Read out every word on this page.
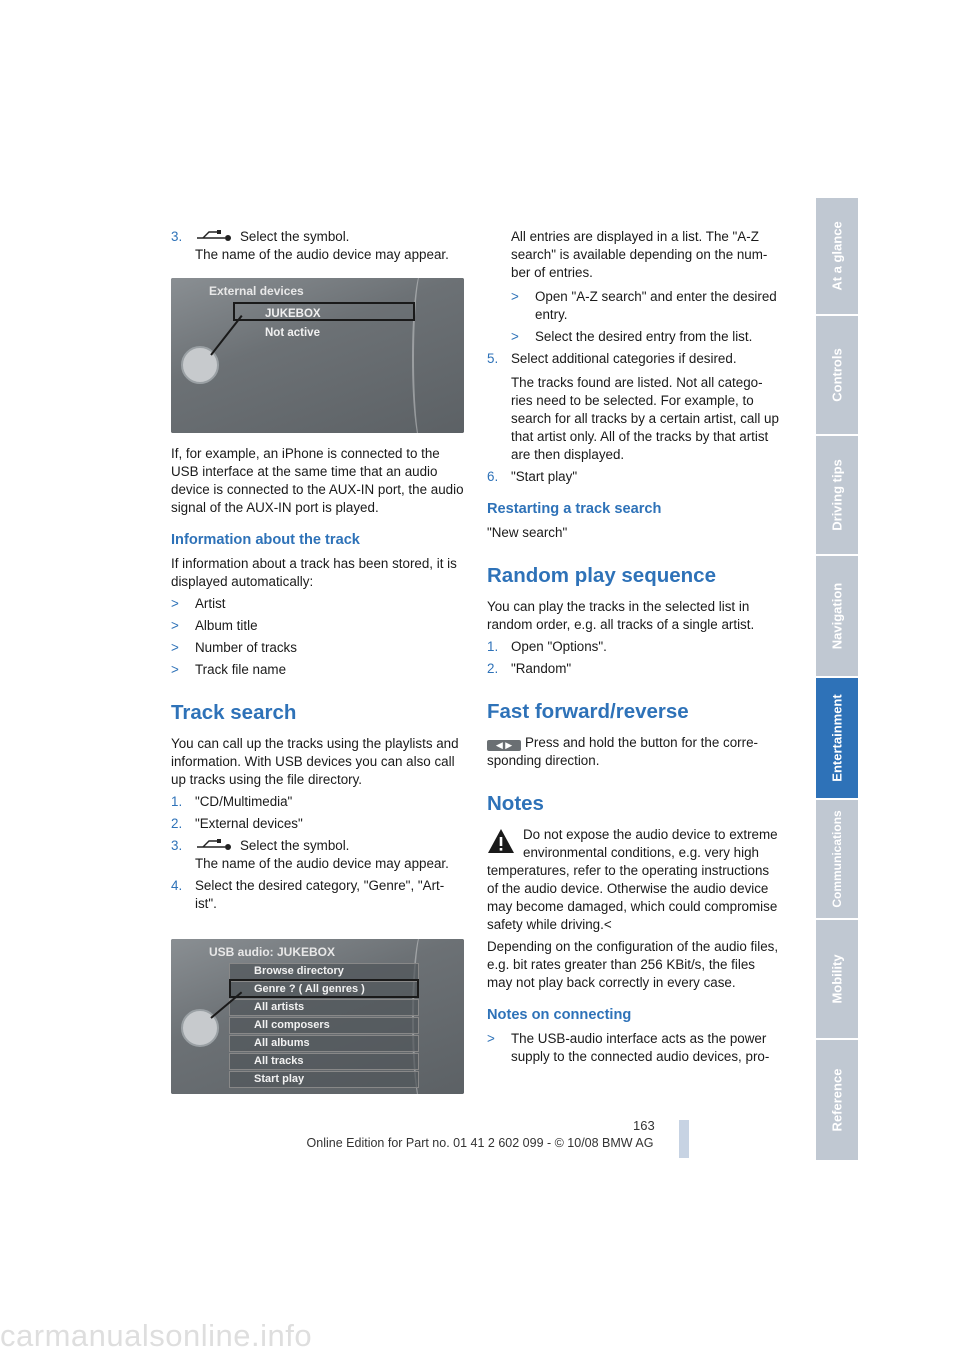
3.	Select the symbol.
The name of the audio device may appear.
External devices
JUKEBOX
Not active

If, for example, an iPhone is connected to the USB interface at the same time that an audio device is connected to the AUX-IN port, the audio signal of the AUX-IN port is played.

Information about the track

If information about a track has been stored, it is displayed automatically:

> Artist
> Album title
> Number of tracks
> Track file name
Track search

You can call up the tracks using the playlists and information. With USB devices you can also call up tracks using the file directory.

1. "CD/Multimedia"
2. "External devices"
3.	Select the symbol.
The name of the audio device may appear.
4. Select the desired category, "Genre", "Art-ist".
USB audio: JUKEBOX
Browse directory
Genre ? ( All genres )
All artists
All composers
All albums
All tracks
Start play
All entries are displayed in a list. The "A-Z search" is available depending on the num-ber of entries.
> Open "A-Z search" and enter the desired entry.
> Select the desired entry from the list.
5. Select additional categories if desired.
The tracks found are listed. Not all catego-ries need to be selected. For example, to search for all tracks by a certain artist, call up that artist only. All of the tracks by that artist are then displayed.
6. "Start play"
Restarting a track search

"New search"

Random play sequence

You can play the tracks in the selected list in random order, e.g. all tracks of a single artist.

1. Open "Options".
2. "Random"
Fast forward/reverse

◀ ▶ Press and hold the button for the corre-sponding direction.

Notes

Do not expose the audio device to extreme environmental conditions, e.g. very high temperatures, refer to the operating instructions of the audio device. Otherwise the audio device may become damaged, which could compromise safety while driving.<

Depending on the configuration of the audio files, e.g. bit rates greater than 256 KBit/s, the files may not play back correctly in every case.

Notes on connecting
> The USB-audio interface acts as the power supply to the connected audio devices, pro-
At a glance
Controls
Driving tips
Navigation
Entertainment
Communications
Mobility
Reference
163
Online Edition for Part no. 01 41 2 602 099 - © 10/08 BMW AG
carmanualsonline.info
